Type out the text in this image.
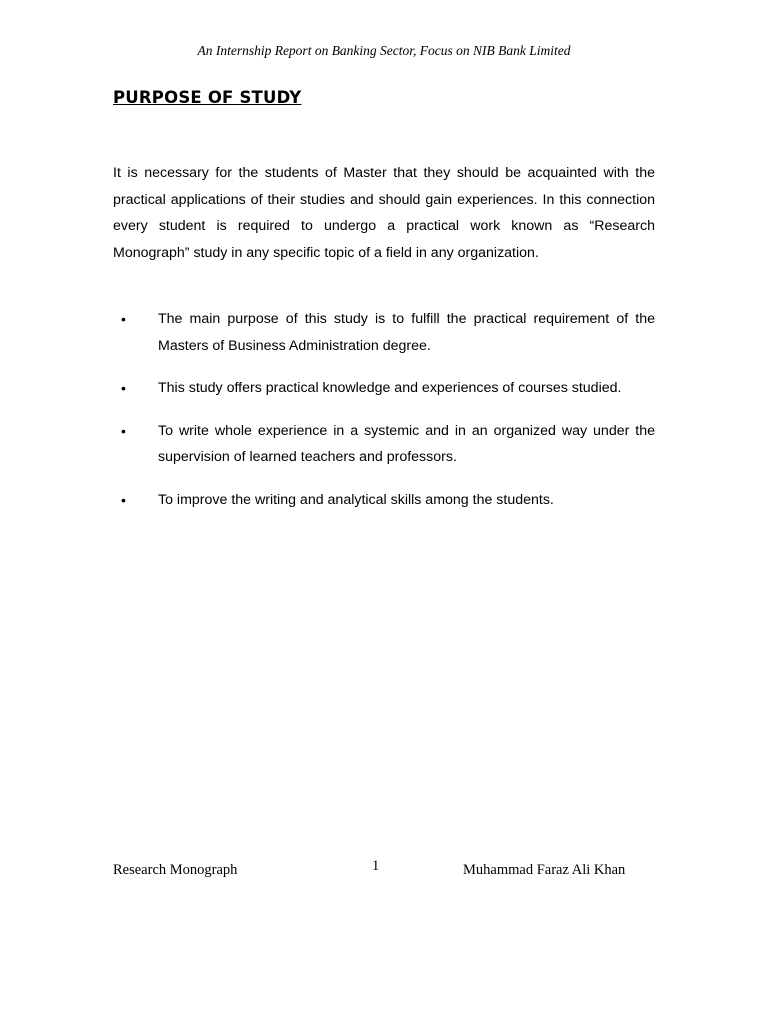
An Internship Report on Banking Sector, Focus on NIB Bank Limited
PURPOSE OF STUDY

It is necessary for the students of Master that they should be acquainted with the practical applications of their studies and should gain experiences. In this connection every student is required to undergo a practical work known as “Research Monograph” study in any specific topic of a field in any organization.

• The main purpose of this study is to fulfill the practical requirement of the Masters of Business Administration degree.
• This study offers practical knowledge and experiences of courses studied.
• To write whole experience in a systemic and in an organized way under the supervision of learned teachers and professors.
• To improve the writing and analytical skills among the students.
Research Monograph	1	Muhammad Faraz Ali Khan
